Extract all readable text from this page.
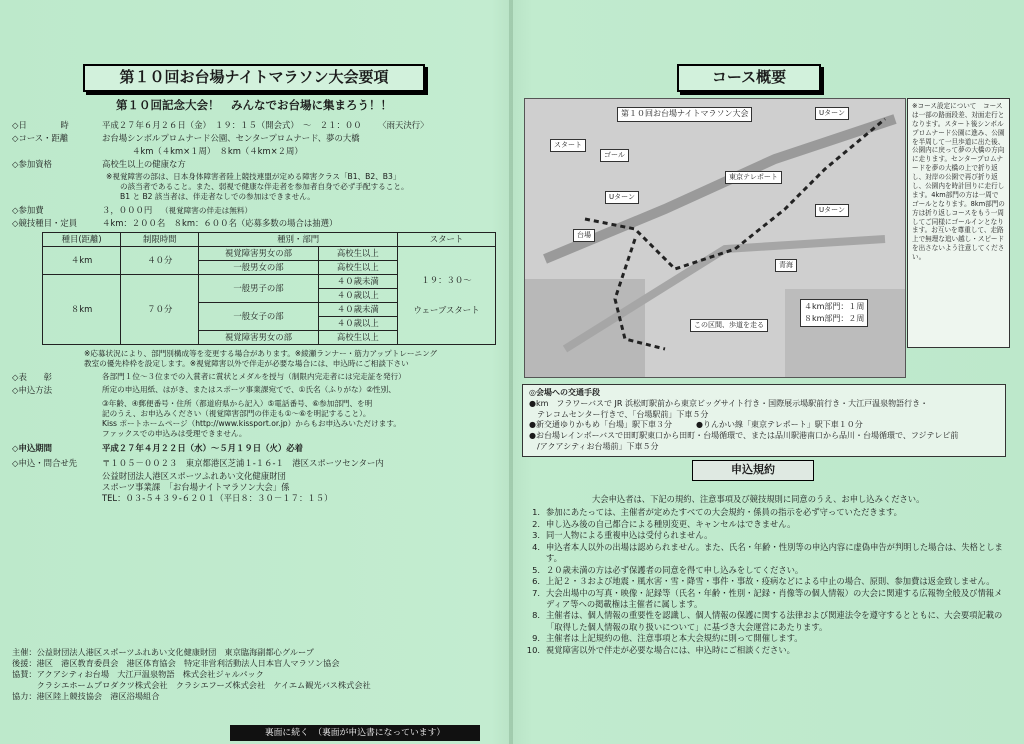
第１０回お台場ナイトマラソン大会要項
第１０回記念大会！　みんなでお台場に集まろう！！
◇日　　　　時	平成２７年６月２６日（金）　１９：１５（開会式）　～　２１：００ 〈雨天決行〉
◇コース・距離	お台場シンボルプロムナード公園、センタープロムナード、夢の大橋
４km（４km×１周）　８km（４km×２周）
◇参加資格	高校生以上の健康な方
※視覚障害の部は、日本身体障害者陸上競技連盟が定める障害クラス「B1、B2、B3」
の該当者であること。また、弱視で健康な伴走者を参加者自身で必ず手配すること。
B1 と B2 該当者は、伴走者なしでの参加はできません。
◇参加費	３，０００円 （視覚障害の伴走は無料）
◇競技種目・定員	４km：２００名　８km：６００名（応募多数の場合は抽選）
種目(距離)	制限時間	種別・部門		スタート
４km	４０分	視覚障害男女の部	高校生以上	１９：３０～
ウェーブスタート

		一般男女の部	高校生以上	
８km	７０分	一般男子の部	４０歳未満	
			４０歳以上	
		一般女子の部	４０歳未満	
			４０歳以上	
		視覚障害男女の部	高校生以上	
※応募状況により、部門別構成等を変更する場合があります。※綾瀬ランナー・筋力アップトレーニング
教室の優先枠枠を設定します。※視覚障害以外で伴走が必要な場合には、申込時にご相談下さい
◇表　　彰	各部門１位～３位までの入賞者に賞状とメダルを授与（制限内完走者には完走証を発行）
◇申込方法	所定の申込用紙、はがき、またはスポーツ事業課宛てで、①氏名（ふりがな）②性別、
③年齢、④郵便番号・住所（都道府県から記入）⑤電話番号、⑥参加部門、を明
記のうえ、お申込みください（視覚障害部門の伴走も①～⑥を明記すること）。
Kiss ポートホームページ（http://www.kissport.or.jp）からもお申込みいただけます。
ファックスでの申込みは受理できません。
◇申込期間	平成２７年４月２２日（水）～５月１９日（火）必着
◇申込・問合せ先	〒１０５－００２３　東京都港区芝浦１-１６-１　港区スポーツセンター内
公益財団法人港区スポーツふれあい文化健康財団
スポーツ事業課　「お台場ナイトマラソン大会」係
TEL：０３-５４３９-６２０１（平日８：３０－１７：１５）
主催：公益財団法人港区スポーツふれあい文化健康財団　東京臨海副都心グループ
後援：港区　港区教育委員会　港区体育協会　特定非営利活動法人日本盲人マラソン協会
協賛：アクアシティお台場　大江戸温泉物語　株式会社ジャルパック
　　　クラシエホームプロダクツ株式会社　クラシエフーズ株式会社　ケイエム観光バス株式会社
協力：港区陸上競技協会　港区浴場組合
裏面に続く　（裏面が申込書になっています）
コース概要
第１０回お台場ナイトマラソン大会
スタート
ゴール
Uターン
Uターン
台場
東京テレポート
青海
Uターン
４km部門：１周
８km部門：２周
この区間、歩道を走る
※コース設定について　コースは一部の路面段差、対面走行となります。スタート後シンボルプロムナード公園に進み、公園を半周して一旦歩道に出た後、公園内に戻って夢の大橋の方向に走ります。センタープロムナードを夢の大橋の上で折り返し、対岸の公園で再び折り返し、公園内を時計回りに走行します。4km部門の方は一周でゴールとなります。8km部門の方は折り返しコースをもう一周してご同様にゴールインとなります。お互いを尊重して、走路上で無理な追い越し・スピードを出さないよう注意してください。
◎会場への交通手段
●km　フラワーバスで JR 浜松町駅前から東京ビッグサイト行き・国際展示場駅前行き・大江戸温泉物語行き・
　テレコムセンター行きで、「台場駅前」下車５分
●新交通ゆりかもめ「台場」駅下車３分　　　●りんかい線「東京テレポート」駅下車１０分
●お台場レインボーバスで田町駅東口から田町・台場循環で、または品川駅港南口から品川・台場循環で、フジテレビ前
　/アクアシティお台場前」下車５分
申込規約
大会申込者は、下記の規約、注意事項及び競技規則に同意のうえ、お申し込みください。
1. 参加にあたっては、主催者が定めたすべての大会規約・係員の指示を必ず守っていただきます。
2. 申し込み後の自己都合による種別変更、キャンセルはできません。
3. 同一人物による重複申込は受付られません。
4. 申込者本人以外の出場は認められません。また、氏名・年齢・性別等の申込内容に虚偽申告が判明した場合は、失格とします。
5. ２０歳未満の方は必ず保護者の同意を得て申し込みをしてください。
6. 上記２・３および地震・風水害・雪・降雪・事件・事故・疫病などによる中止の場合、原則、参加費は返金致しません。
7. 大会出場中の写真・映像・記録等（氏名・年齢・性別・記録・肖像等の個人情報）の大会に関連する広報物全般及び情報メディア等への掲載権は主催者に属します。
8. 主催者は、個人情報の重要性を認識し、個人情報の保護に関する法律および関連法令を遵守するとともに、大会要項記載の「取得した個人情報の取り扱いについて」に基づき大会運営にあたります。
9. 主催者は上記規約の他、注意事項と本大会規約に則って開催します。
10. 視覚障害以外で伴走が必要な場合には、申込時にご相談ください。
